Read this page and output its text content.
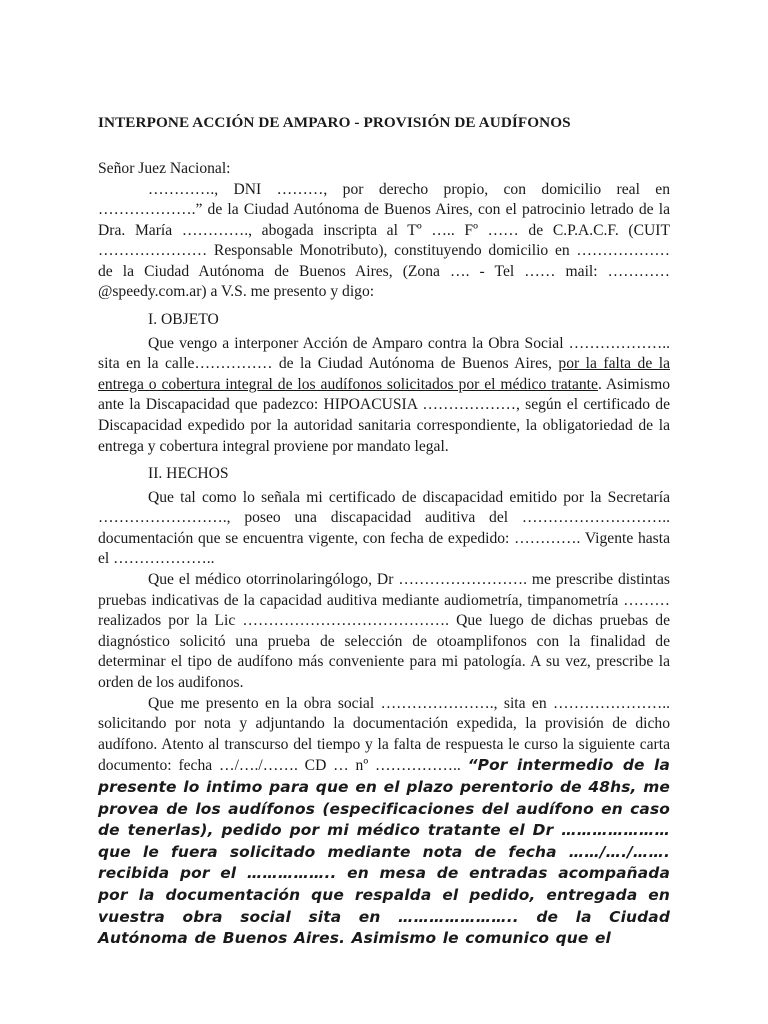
INTERPONE ACCIÓN DE AMPARO - PROVISIÓN DE AUDÍFONOS
Señor Juez Nacional:

…………., DNI ………, por derecho propio, con domicilio real en ……………….” de la Ciudad Autónoma de Buenos Aires, con el patrocinio letrado de la Dra. María …………., abogada inscripta al Tº ….. Fº …… de C.P.A.C.F. (CUIT ………………… Responsable Monotributo), constituyendo domicilio en ……………… de la Ciudad Autónoma de Buenos Aires, (Zona …. - Tel …… mail: …………@speedy.com.ar) a V.S. me presento y digo:

I. OBJETO

Que vengo a interponer Acción de Amparo contra la Obra Social ……………….. sita en la calle…………… de la Ciudad Autónoma de Buenos Aires, por la falta de la entrega o cobertura integral de los audífonos solicitados por el médico tratante. Asimismo ante la Discapacidad que padezco: HIPOACUSIA ………………, según el certificado de Discapacidad expedido por la autoridad sanitaria correspondiente, la obligatoriedad de la entrega y cobertura integral proviene por mandato legal.

II. HECHOS

Que tal como lo señala mi certificado de discapacidad emitido por la Secretaría ……………………., poseo una discapacidad auditiva del ……………………….. documentación que se encuentra vigente, con fecha de expedido: …………. Vigente hasta el ………………..

Que el médico otorrinolaringólogo, Dr ……………………. me prescribe distintas pruebas indicativas de la capacidad auditiva mediante audiometría, timpanometría ……… realizados por la Lic …………………………………. Que luego de dichas pruebas de diagnóstico solicitó una prueba de selección de otoamplifonos con la finalidad de determinar el tipo de audífono más conveniente para mi patología. A su vez, prescribe la orden de los audifonos.

Que me presento en la obra social …………………., sita en ………………….. solicitando por nota y adjuntando la documentación expedida, la provisión de dicho audífono. Atento al transcurso del tiempo y la falta de respuesta le curso la siguiente carta documento: fecha …/…./……. CD … nº …………….. “Por intermedio de la presente lo intimo para que en el plazo perentorio de 48hs, me provea de los audífonos (especificaciones del audífono en caso de tenerlas), pedido por mi médico tratante el Dr ………………… que le fuera solicitado mediante nota de fecha ……/…./……. recibida por el …………….. en mesa de entradas acompañada por la documentación que respalda el pedido, entregada en vuestra obra social sita en ………………….. de la Ciudad Autónoma de Buenos Aires. Asimismo le comunico que el
